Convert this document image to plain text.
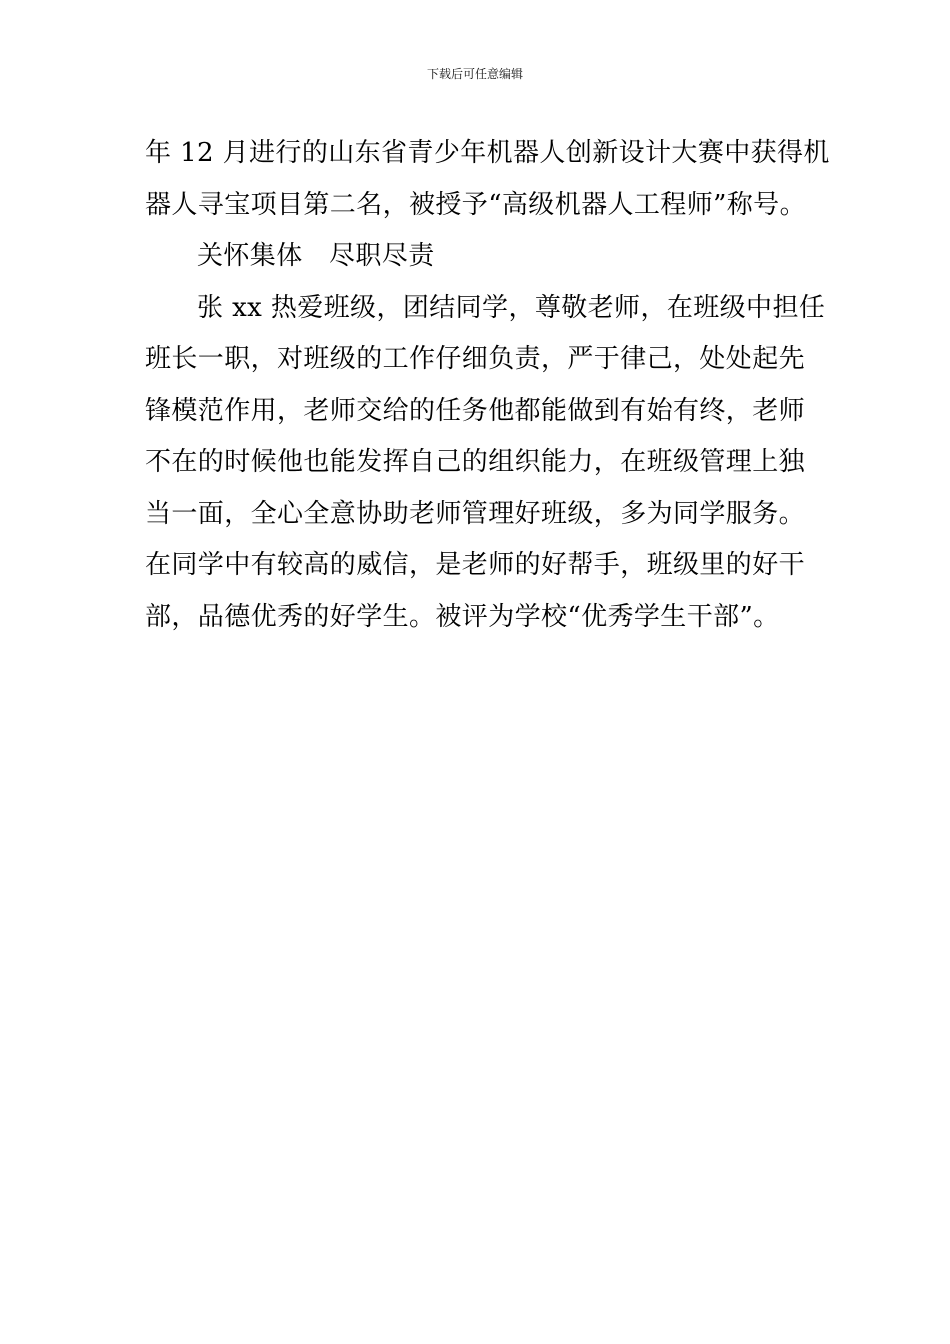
下载后可任意编辑
年 12 月进行的山东省青少年机器人创新设计大赛中获得机
器人寻宝项目第二名，被授予“高级机器人工程师”称号。
关怀集体　尽职尽责
张 xx 热爱班级，团结同学，尊敬老师，在班级中担任
班长一职，对班级的工作仔细负责，严于律己，处处起先
锋模范作用，老师交给的任务他都能做到有始有终，老师
不在的时候他也能发挥自己的组织能力，在班级管理上独
当一面，全心全意协助老师管理好班级，多为同学服务。
在同学中有较高的威信，是老师的好帮手，班级里的好干
部，品德优秀的好学生。被评为学校“优秀学生干部”。
